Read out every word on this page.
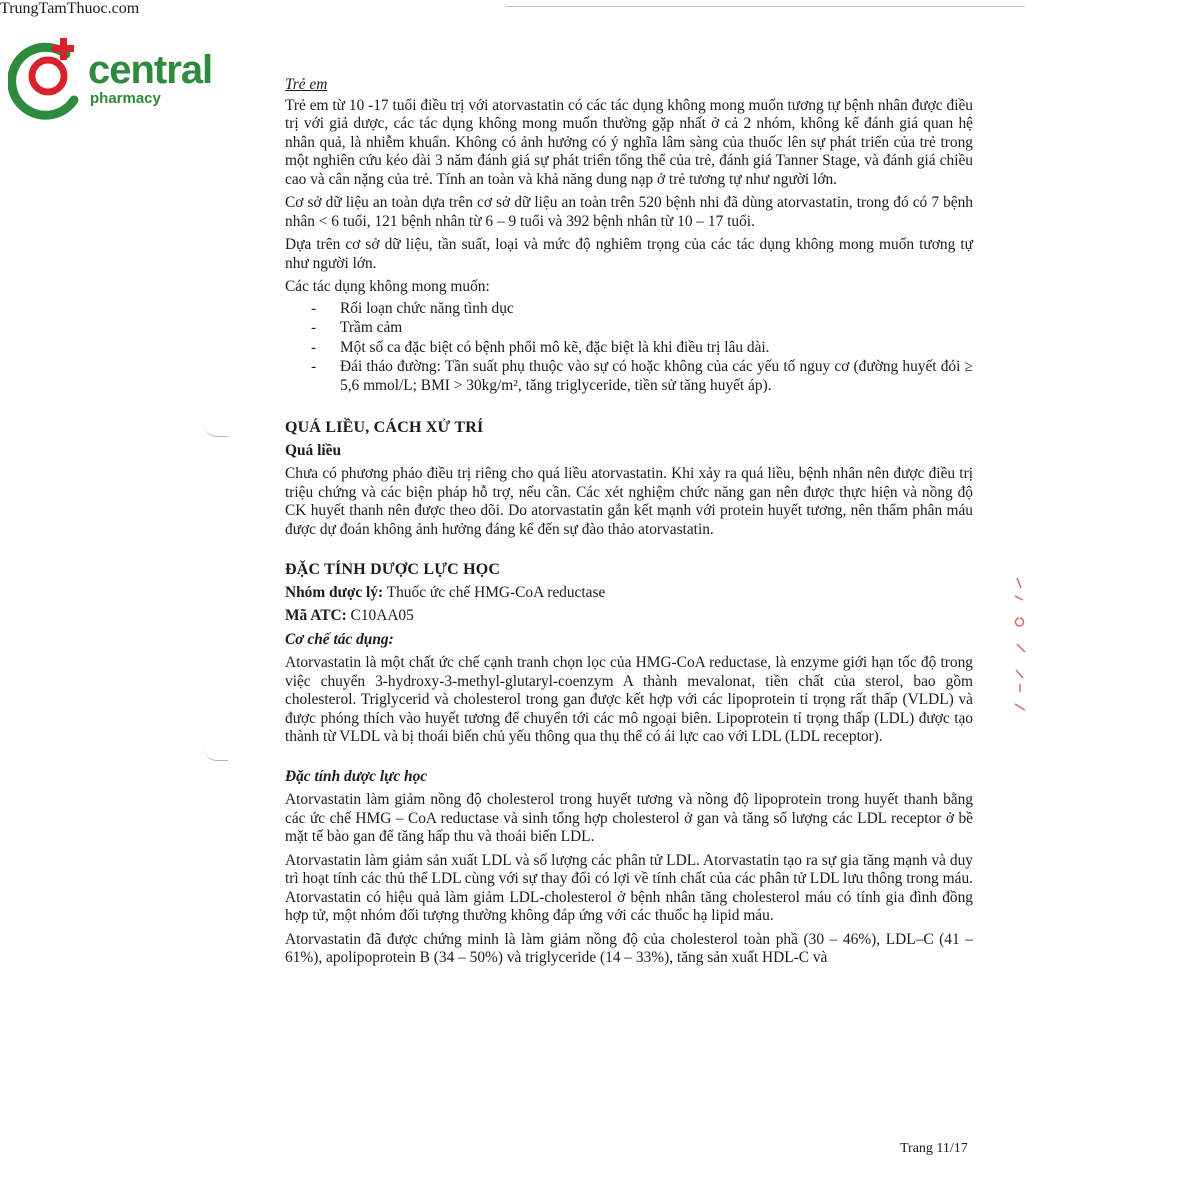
central
pharmacy
TrungTamThuoc.com

Trẻ em

Trẻ em từ 10 -17 tuổi điều trị với atorvastatin có các tác dụng không mong muốn tương tự bệnh nhân được điều trị với giả dược, các tác dụng không mong muốn thường gặp nhất ở cả 2 nhóm, không kể đánh giá quan hệ nhân quả, là nhiễm khuẩn. Không có ảnh hưởng có ý nghĩa lâm sàng của thuốc lên sự phát triển của trẻ trong một nghiên cứu kéo dài 3 năm đánh giá sự phát triển tổng thể của trẻ, đánh giá Tanner Stage, và đánh giá chiều cao và cân nặng của trẻ. Tính an toàn và khả năng dung nạp ở trẻ tương tự như người lớn.

Cơ sở dữ liệu an toàn dựa trên cơ sở dữ liệu an toàn trên 520 bệnh nhi đã dùng atorvastatin, trong đó có 7 bệnh nhân < 6 tuổi, 121 bệnh nhân từ 6 – 9 tuổi và 392 bệnh nhân từ 10 – 17 tuổi.

Dựa trên cơ sở dữ liệu, tần suất, loại và mức độ nghiêm trọng của các tác dụng không mong muốn tương tự như người lớn.

Các tác dụng không mong muốn:

- Rối loạn chức năng tình dục
- Trầm cảm
- Một số ca đặc biệt có bệnh phổi mô kẽ, đặc biệt là khi điều trị lâu dài.
- Đái tháo đường: Tần suất phụ thuộc vào sự có hoặc không của các yếu tố nguy cơ (đường huyết đói ≥ 5,6 mmol/L; BMI > 30kg/m², tăng triglyceride, tiền sử tăng huyết áp).
QUÁ LIỀU, CÁCH XỬ TRÍ

Quá liều

Chưa có phương pháo điều trị riêng cho quá liều atorvastatin. Khi xảy ra quá liều, bệnh nhân nên được điều trị triệu chứng và các biện pháp hỗ trợ, nếu cần. Các xét nghiệm chức năng gan nên được thực hiện và nồng độ CK huyết thanh nên được theo dõi. Do atorvastatin gắn kết mạnh với protein huyết tương, nên thẩm phân máu được dự đoán không ảnh hưởng đáng kể đến sự đào thảo atorvastatin.

ĐẶC TÍNH DƯỢC LỰC HỌC

Nhóm dược lý: Thuốc ức chế HMG-CoA reductase

Mã ATC: C10AA05

Cơ chế tác dụng:

Atorvastatin là một chất ức chế cạnh tranh chọn lọc của HMG-CoA reductase, là enzyme giới hạn tốc độ trong việc chuyển 3-hydroxy-3-methyl-glutaryl-coenzym A thành mevalonat, tiền chất của sterol, bao gồm cholesterol. Triglycerid và cholesterol trong gan được kết hợp với các lipoprotein tỉ trọng rất thấp (VLDL) và được phóng thích vào huyết tương để chuyển tới các mô ngoại biên. Lipoprotein tỉ trọng thấp (LDL) được tạo thành từ VLDL và bị thoái biến chủ yếu thông qua thụ thể có ái lực cao với LDL (LDL receptor).

Đặc tính dược lực học

Atorvastatin làm giảm nồng độ cholesterol trong huyết tương và nồng độ lipoprotein trong huyết thanh bằng các ức chế HMG – CoA reductase và sinh tổng hợp cholesterol ở gan và tăng số lượng các LDL receptor ở bề mặt tế bào gan để tăng hấp thu và thoái biến LDL.

Atorvastatin làm giảm sản xuất LDL và số lượng các phân tử LDL. Atorvastatin tạo ra sự gia tăng mạnh và duy trì hoạt tính các thủ thể LDL cùng với sự thay đổi có lợi về tính chất của các phân tử LDL lưu thông trong máu. Atorvastatin có hiệu quả làm giảm LDL-cholesterol ở bệnh nhân tăng cholesterol máu có tính gia đình đồng hợp tử, một nhóm đối tượng thường không đáp ứng với các thuốc hạ lipid máu.

Atorvastatin đã được chứng minh là làm giảm nồng độ của cholesterol toàn phầ (30 – 46%), LDL–C (41 – 61%), apolipoprotein B (34 – 50%) và triglyceride (14 – 33%), tăng sản xuất HDL-C và

Trang 11/17
